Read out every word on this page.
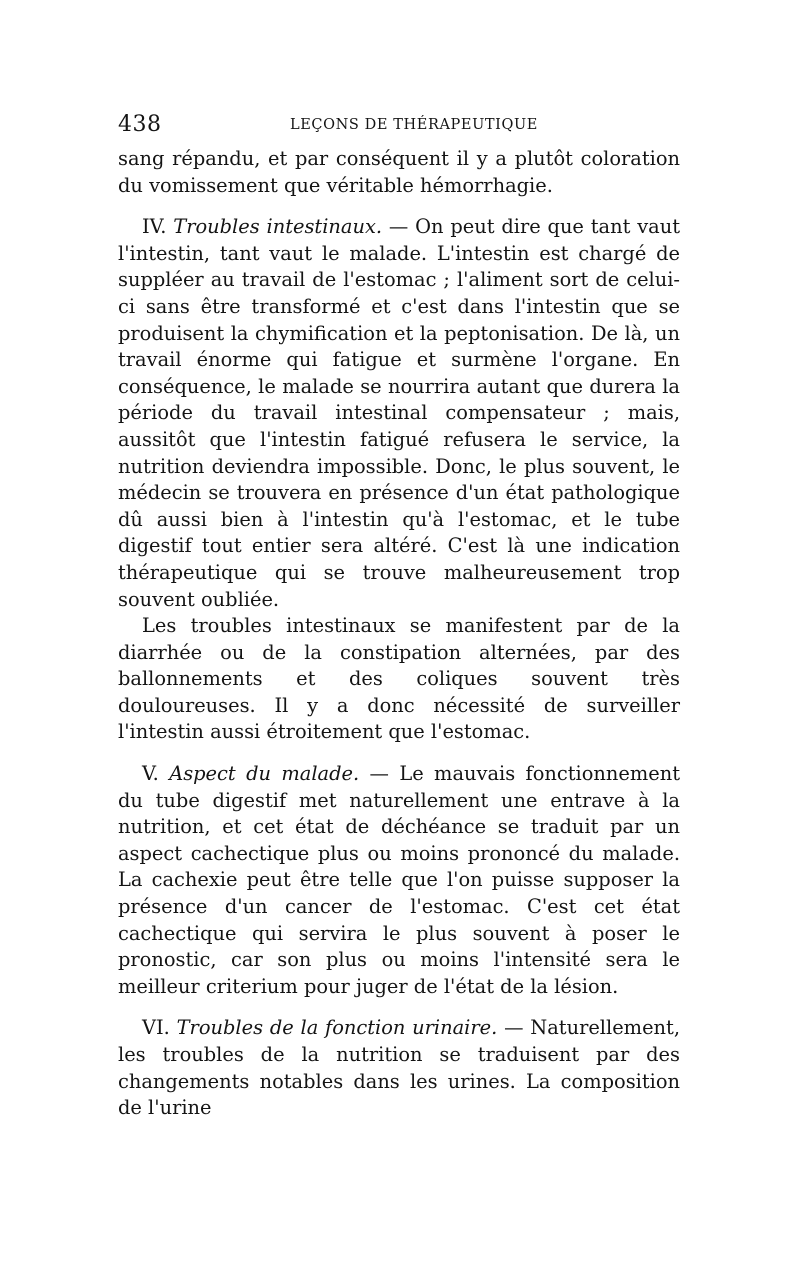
438	LEÇONS DE THÉRAPEUTIQUE

sang répandu, et par conséquent il y a plutôt coloration du vomissement que véritable hémorrhagie.

IV. Troubles intestinaux. — On peut dire que tant vaut l'intestin, tant vaut le malade. L'intestin est chargé de suppléer au travail de l'estomac ; l'aliment sort de celui-ci sans être transformé et c'est dans l'intestin que se produisent la chymification et la peptonisation. De là, un travail énorme qui fatigue et surmène l'organe. En conséquence, le malade se nourrira autant que durera la période du travail intestinal compensateur ; mais, aussitôt que l'intestin fatigué refusera le service, la nutrition deviendra impossible. Donc, le plus souvent, le médecin se trouvera en présence d'un état pathologique dû aussi bien à l'intestin qu'à l'estomac, et le tube digestif tout entier sera altéré. C'est là une indication thérapeutique qui se trouve malheureusement trop souvent oubliée.

Les troubles intestinaux se manifestent par de la diarrhée ou de la constipation alternées, par des ballonnements et des coliques souvent très douloureuses. Il y a donc nécessité de surveiller l'intestin aussi étroitement que l'estomac.

V. Aspect du malade. — Le mauvais fonctionnement du tube digestif met naturellement une entrave à la nutrition, et cet état de déchéance se traduit par un aspect cachectique plus ou moins prononcé du malade. La cachexie peut être telle que l'on puisse supposer la présence d'un cancer de l'estomac. C'est cet état cachectique qui servira le plus souvent à poser le pronostic, car son plus ou moins l'intensité sera le meilleur criterium pour juger de l'état de la lésion.

VI. Troubles de la fonction urinaire. — Naturellement, les troubles de la nutrition se traduisent par des changements notables dans les urines. La composition de l'urine
